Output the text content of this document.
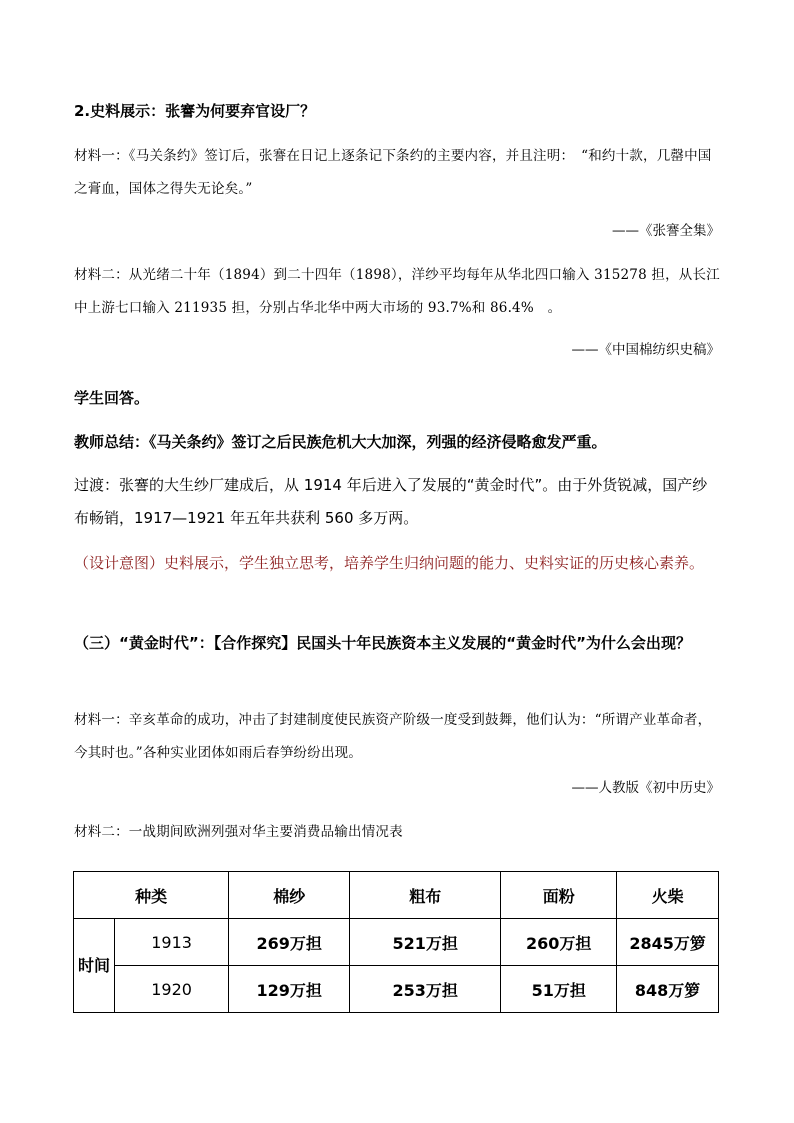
2.史料展示：张謇为何要弃官设厂？

材料一：《马关条约》签订后，张謇在日记上逐条记下条约的主要内容，并且注明：　“和约十款，几罄中国之膏血，国体之得失无论矣。”

——《张謇全集》

材料二：从光绪二十年（1894）到二十四年（1898），洋纱平均每年从华北四口输入 315278 担，从长江中上游七口输入 211935 担，分别占华北华中两大市场的 93.7%和 86.4%　。

——《中国棉纺织史稿》

学生回答。

教师总结：《马关条约》签订之后民族危机大大加深，列强的经济侵略愈发严重。

过渡：张謇的大生纱厂建成后，从 1914 年后进入了发展的“黄金时代”。由于外货锐减，国产纱布畅销，1917—1921 年五年共获利 560 多万两。

（设计意图）史料展示，学生独立思考，培养学生归纳问题的能力、史料实证的历史核心素养。

（三）“黄金时代”：【合作探究】民国头十年民族资本主义发展的“黄金时代”为什么会出现？

材料一：辛亥革命的成功，冲击了封建制度使民族资产阶级一度受到鼓舞，他们认为：“所谓产业革命者，今其时也。”各种实业团体如雨后春笋纷纷出现。

——人教版《初中历史》

材料二：一战期间欧洲列强对华主要消费品输出情况表

种类		棉纱	粗布	面粉	火柴
时间	1913	269万担	521万担	260万担	2845万箩
	1920	129万担	253万担	51万担	848万箩
